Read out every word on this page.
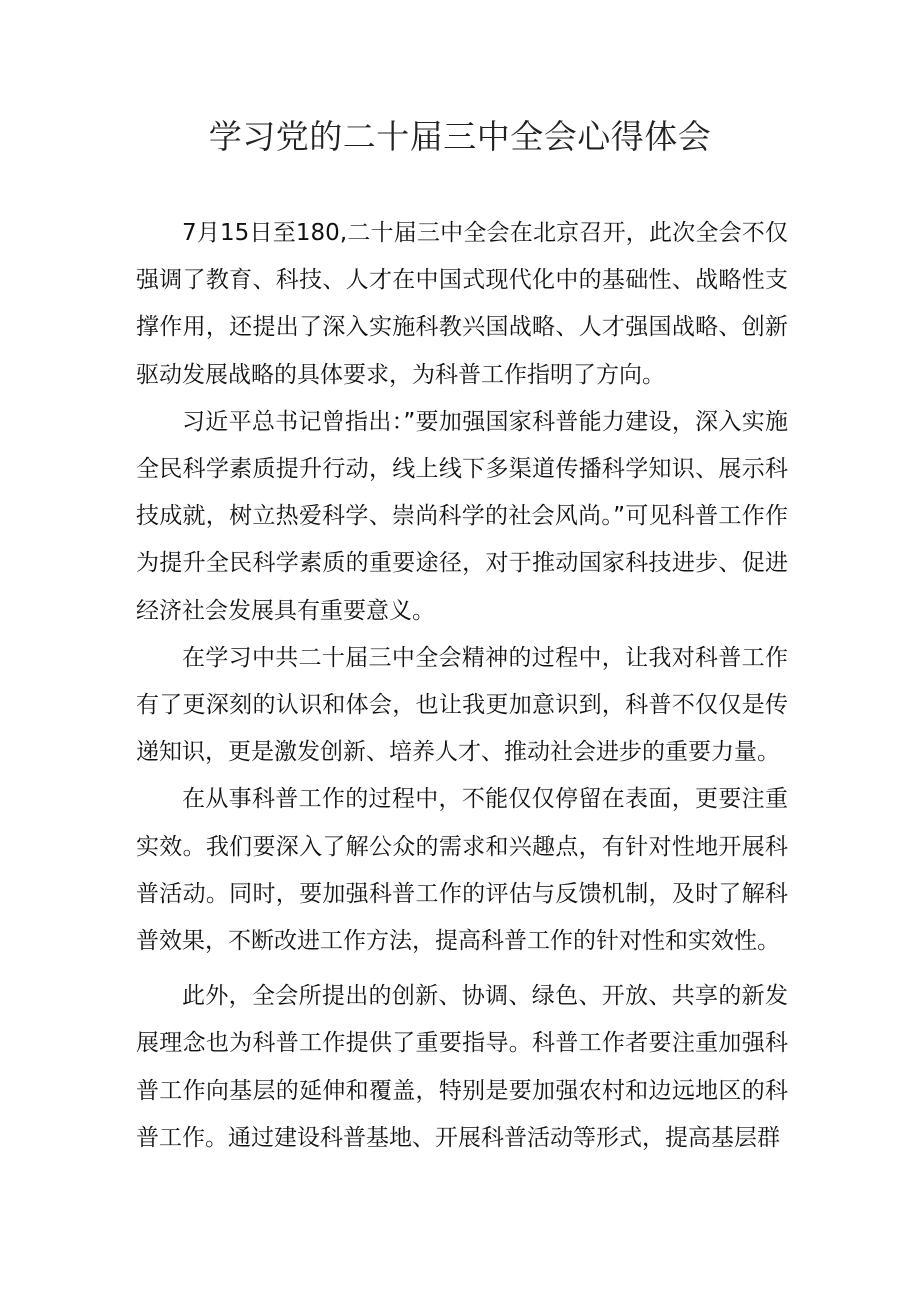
学习党的二十届三中全会心得体会

7月15日至180,二十届三中全会在北京召开，此次全会不仅强调了教育、科技、人才在中国式现代化中的基础性、战略性支撑作用，还提出了深入实施科教兴国战略、人才强国战略、创新驱动发展战略的具体要求，为科普工作指明了方向。

习近平总书记曾指出：”要加强国家科普能力建设，深入实施全民科学素质提升行动，线上线下多渠道传播科学知识、展示科技成就，树立热爱科学、崇尚科学的社会风尚。”可见科普工作作为提升全民科学素质的重要途径，对于推动国家科技进步、促进经济社会发展具有重要意义。

在学习中共二十届三中全会精神的过程中，让我对科普工作有了更深刻的认识和体会，也让我更加意识到，科普不仅仅是传递知识，更是激发创新、培养人才、推动社会进步的重要力量。

在从事科普工作的过程中，不能仅仅停留在表面，更要注重实效。我们要深入了解公众的需求和兴趣点，有针对性地开展科普活动。同时，要加强科普工作的评估与反馈机制，及时了解科普效果，不断改进工作方法，提高科普工作的针对性和实效性。

此外，全会所提出的创新、协调、绿色、开放、共享的新发展理念也为科普工作提供了重要指导。科普工作者要注重加强科普工作向基层的延伸和覆盖，特别是要加强农村和边远地区的科普工作。通过建设科普基地、开展科普活动等形式，提高基层群
